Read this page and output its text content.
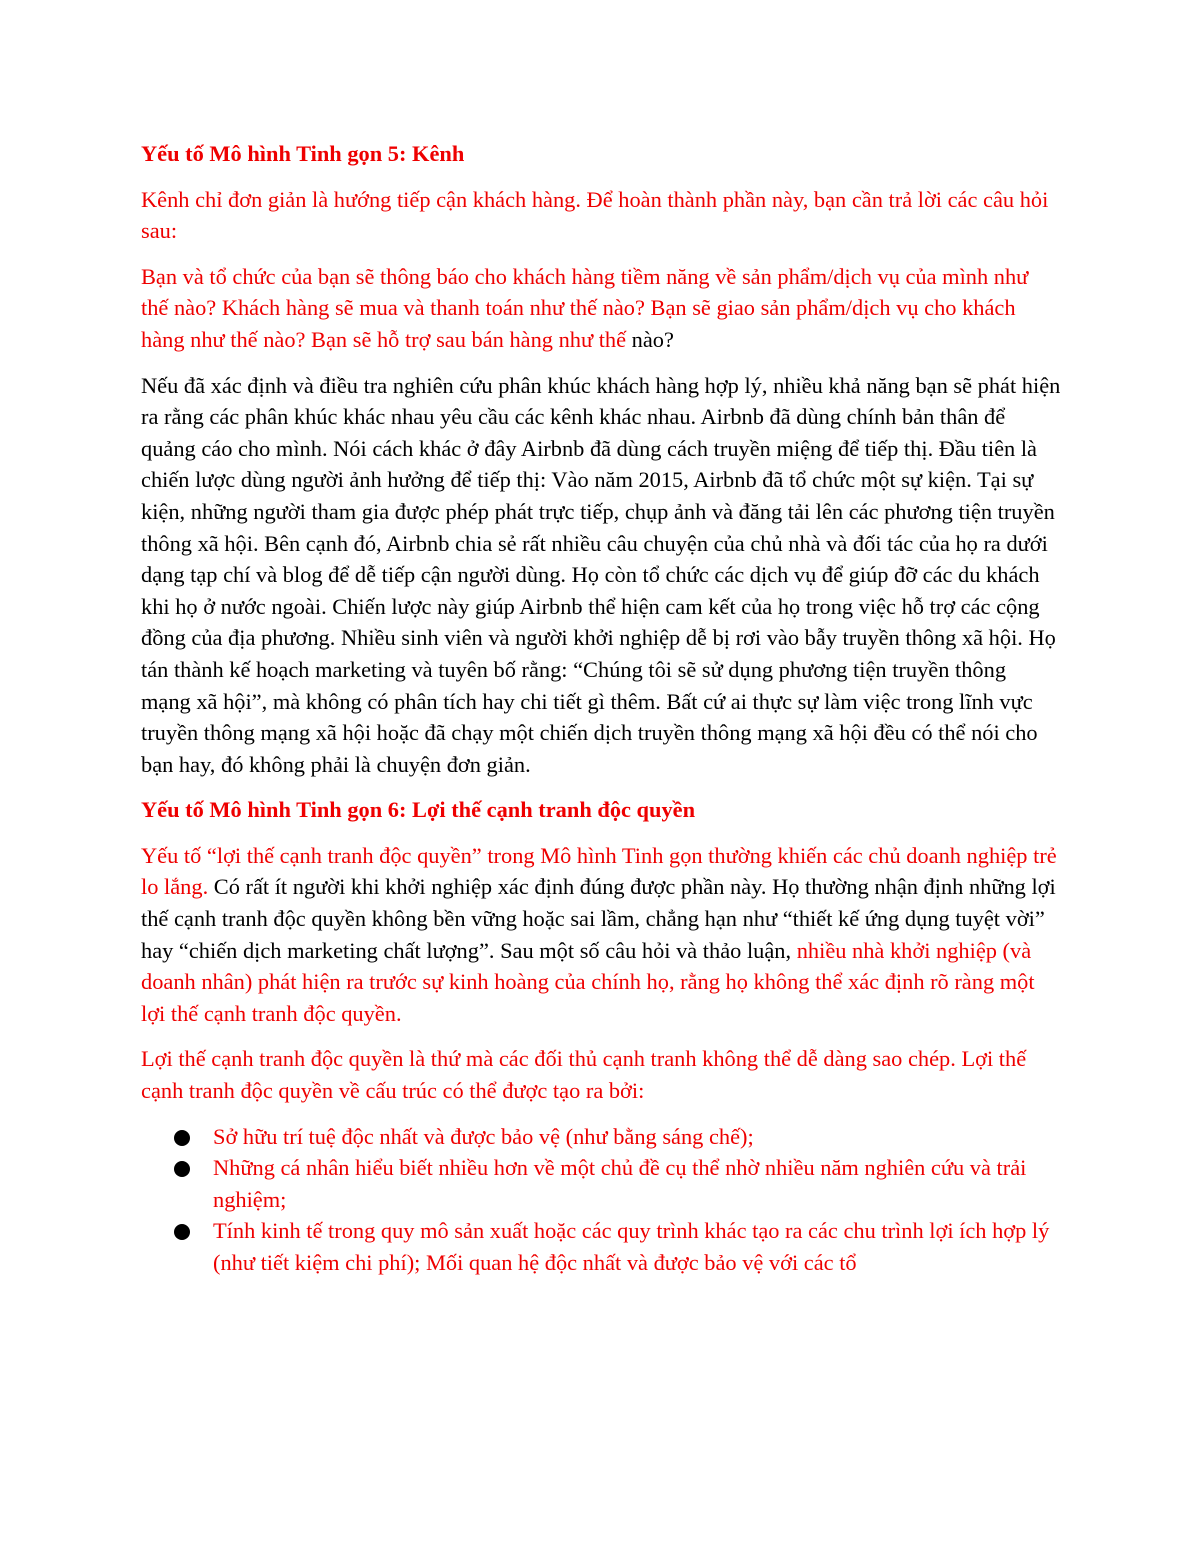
Yếu tố Mô hình Tinh gọn 5: Kênh

Kênh chỉ đơn giản là hướng tiếp cận khách hàng. Để hoàn thành phần này, bạn cần trả lời các câu hỏi sau:

Bạn và tổ chức của bạn sẽ thông báo cho khách hàng tiềm năng về sản phẩm/dịch vụ của mình như thế nào? Khách hàng sẽ mua và thanh toán như thế nào? Bạn sẽ giao sản phẩm/dịch vụ cho khách hàng như thế nào? Bạn sẽ hỗ trợ sau bán hàng như thế nào?

Nếu đã xác định và điều tra nghiên cứu phân khúc khách hàng hợp lý, nhiều khả năng bạn sẽ phát hiện ra rằng các phân khúc khác nhau yêu cầu các kênh khác nhau. Airbnb đã dùng chính bản thân để quảng cáo cho mình. Nói cách khác ở đây Airbnb đã dùng cách truyền miệng để tiếp thị. Đầu tiên là chiến lược dùng người ảnh hưởng để tiếp thị: Vào năm 2015, Airbnb đã tổ chức một sự kiện. Tại sự kiện, những người tham gia được phép phát trực tiếp, chụp ảnh và đăng tải lên các phương tiện truyền thông xã hội. Bên cạnh đó, Airbnb chia sẻ rất nhiều câu chuyện của chủ nhà và đối tác của họ ra dưới dạng tạp chí và blog để dễ tiếp cận người dùng. Họ còn tổ chức các dịch vụ để giúp đỡ các du khách khi họ ở nước ngoài. Chiến lược này giúp Airbnb thể hiện cam kết của họ trong việc hỗ trợ các cộng đồng của địa phương. Nhiều sinh viên và người khởi nghiệp dễ bị rơi vào bẫy truyền thông xã hội. Họ tán thành kế hoạch marketing và tuyên bố rằng: “Chúng tôi sẽ sử dụng phương tiện truyền thông mạng xã hội”, mà không có phân tích hay chi tiết gì thêm. Bất cứ ai thực sự làm việc trong lĩnh vực truyền thông mạng xã hội hoặc đã chạy một chiến dịch truyền thông mạng xã hội đều có thể nói cho bạn hay, đó không phải là chuyện đơn giản.

Yếu tố Mô hình Tinh gọn 6: Lợi thế cạnh tranh độc quyền

Yếu tố “lợi thế cạnh tranh độc quyền” trong Mô hình Tinh gọn thường khiến các chủ doanh nghiệp trẻ lo lắng. Có rất ít người khi khởi nghiệp xác định đúng được phần này. Họ thường nhận định những lợi thế cạnh tranh độc quyền không bền vững hoặc sai lầm, chẳng hạn như “thiết kế ứng dụng tuyệt vời” hay “chiến dịch marketing chất lượng”. Sau một số câu hỏi và thảo luận, nhiều nhà khởi nghiệp (và doanh nhân) phát hiện ra trước sự kinh hoàng của chính họ, rằng họ không thể xác định rõ ràng một lợi thế cạnh tranh độc quyền.

Lợi thế cạnh tranh độc quyền là thứ mà các đối thủ cạnh tranh không thể dễ dàng sao chép. Lợi thế cạnh tranh độc quyền về cấu trúc có thể được tạo ra bởi:

Sở hữu trí tuệ độc nhất và được bảo vệ (như bằng sáng chế);
Những cá nhân hiểu biết nhiều hơn về một chủ đề cụ thể nhờ nhiều năm nghiên cứu và trải nghiệm;
Tính kinh tế trong quy mô sản xuất hoặc các quy trình khác tạo ra các chu trình lợi ích hợp lý (như tiết kiệm chi phí); Mối quan hệ độc nhất và được bảo vệ với các tổ
